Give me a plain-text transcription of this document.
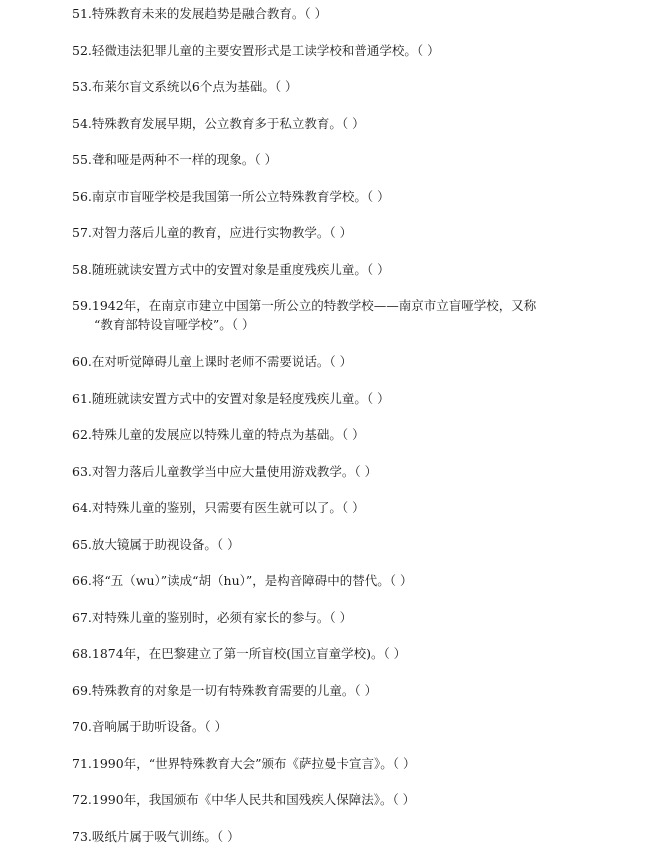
51.特殊教育未来的发展趋势是融合教育。（ ）
52.轻微违法犯罪儿童的主要安置形式是工读学校和普通学校。（ ）
53.布莱尔盲文系统以6个点为基础。（ ）
54.特殊教育发展早期，公立教育多于私立教育。（ ）
55.聋和哑是两种不一样的现象。（ ）
56.南京市盲哑学校是我国第一所公立特殊教育学校。（ ）
57.对智力落后儿童的教育，应进行实物教学。（ ）
58.随班就读安置方式中的安置对象是重度残疾儿童。（ ）
59.1942年，在南京市建立中国第一所公立的特教学校——南京市立盲哑学校，又称
“教育部特设盲哑学校”。（ ）
60.在对听觉障碍儿童上课时老师不需要说话。（ ）
61.随班就读安置方式中的安置对象是轻度残疾儿童。（ ）
62.特殊儿童的发展应以特殊儿童的特点为基础。（ ）
63.对智力落后儿童教学当中应大量使用游戏教学。（ ）
64.对特殊儿童的鉴别，只需要有医生就可以了。（ ）
65.放大镜属于助视设备。（ ）
66.将“五（wu）”读成“胡（hu）”，是构音障碍中的替代。（ ）
67.对特殊儿童的鉴别时，必须有家长的参与。（ ）
68.1874年，在巴黎建立了第一所盲校(国立盲童学校)。（ ）
69.特殊教育的对象是一切有特殊教育需要的儿童。（ ）
70.音响属于助听设备。（ ）
71.1990年，“世界特殊教育大会”颁布《萨拉曼卡宣言》。（ ）
72.1990年，我国颁布《中华人民共和国残疾人保障法》。（ ）
73.吸纸片属于吸气训练。（ ）
